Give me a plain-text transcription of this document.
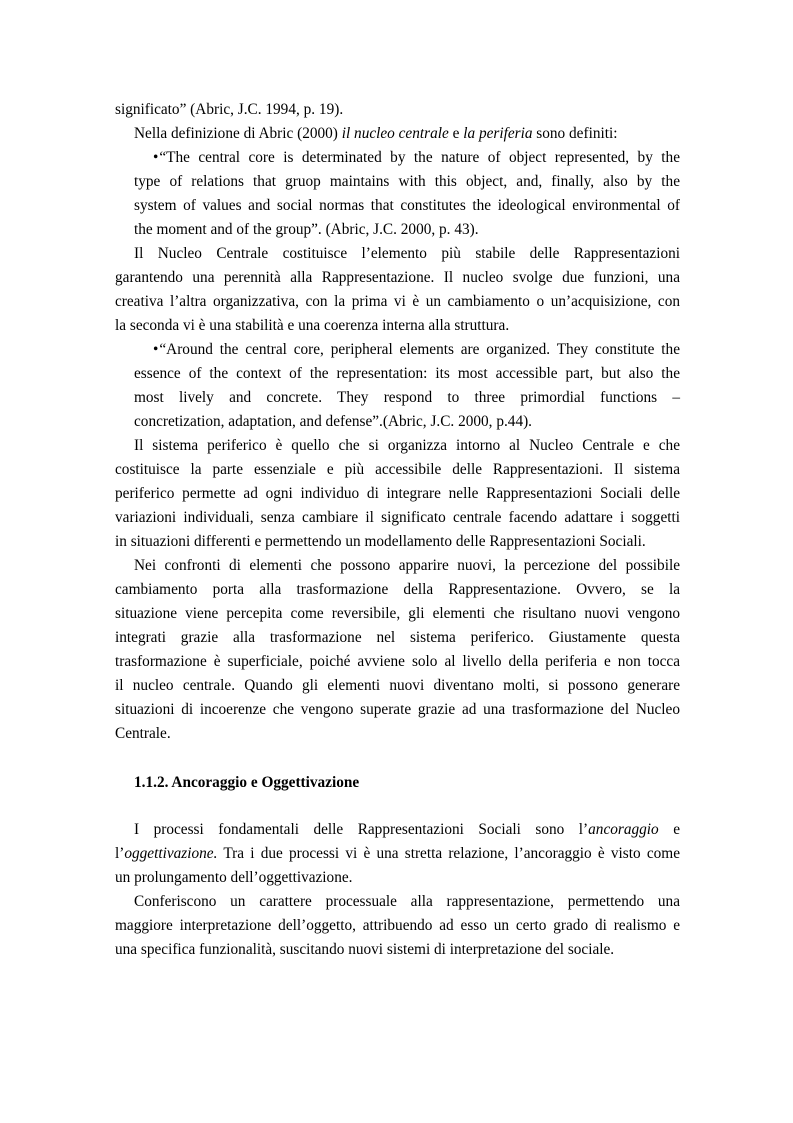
significato” (Abric, J.C. 1994, p. 19).
Nella definizione di Abric (2000) il nucleo centrale e la periferia sono definiti:
•“The central core is determinated by the nature of object represented, by the
type of relations that gruop maintains with this object, and, finally, also by the
system of values and social normas that constitutes the ideological environmental of
the moment and of the group”. (Abric, J.C. 2000, p. 43).
Il Nucleo Centrale costituisce l’elemento più stabile delle Rappresentazioni
garantendo una perennità alla Rappresentazione. Il nucleo svolge due funzioni, una
creativa l’altra organizzativa, con la prima vi è un cambiamento o un’acquisizione, con
la seconda vi è una stabilità e una coerenza interna alla struttura.
•“Around the central core, peripheral elements are organized. They constitute the
essence of the context of the representation: its most accessible part, but also the
most lively and concrete. They respond to three primordial functions –
concretization, adaptation, and defense”.(Abric, J.C. 2000, p.44).
Il sistema periferico è quello che si organizza intorno al Nucleo Centrale e che
costituisce la parte essenziale e più accessibile delle Rappresentazioni. Il sistema
periferico permette ad ogni individuo di integrare nelle Rappresentazioni Sociali delle
variazioni individuali, senza cambiare il significato centrale facendo adattare i soggetti
in situazioni differenti e permettendo un modellamento delle Rappresentazioni Sociali.
Nei confronti di elementi che possono apparire nuovi, la percezione del possibile
cambiamento porta alla trasformazione della Rappresentazione. Ovvero, se la
situazione viene percepita come reversibile, gli elementi che risultano nuovi vengono
integrati grazie alla trasformazione nel sistema periferico. Giustamente questa
trasformazione è superficiale, poiché avviene solo al livello della periferia e non tocca
il nucleo centrale. Quando gli elementi nuovi diventano molti, si possono generare
situazioni di incoerenze che vengono superate grazie ad una trasformazione del Nucleo
Centrale.
1.1.2. Ancoraggio e Oggettivazione
I processi fondamentali delle Rappresentazioni Sociali sono l’ancoraggio e
l’oggettivazione. Tra i due processi vi è una stretta relazione, l’ancoraggio è visto come
un prolungamento dell’oggettivazione.
Conferiscono un carattere processuale alla rappresentazione, permettendo una
maggiore interpretazione dell’oggetto, attribuendo ad esso un certo grado di realismo e
una specifica funzionalità, suscitando nuovi sistemi di interpretazione del sociale.
